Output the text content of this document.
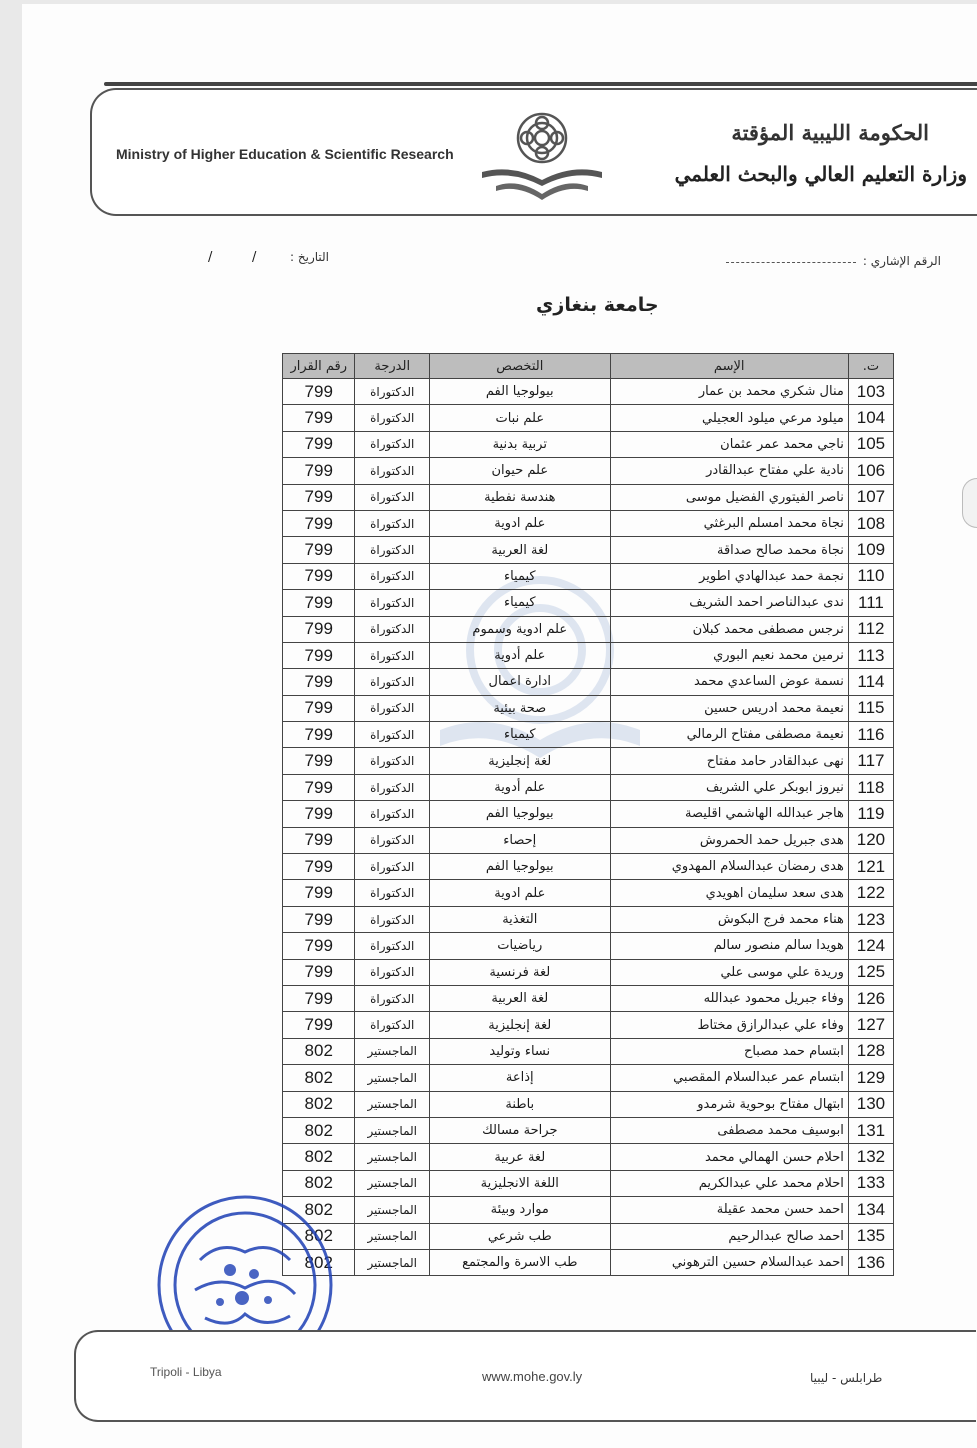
Ministry of Higher Education & Scientific Research
الحكومة الليبية المؤقتة
وزارة التعليم العالي والبحث العلمي
الرقم الإشاري :
التاريخ :
/	/
جامعة بنغازي
ت.	الإسم	التخصص	الدرجة	رقم القرار
103	منال شكري محمد بن عمار	بيولوجيا الفم	الدكتوراة	799
104	ميلود مرعي ميلود العجيلي	علم نبات	الدكتوراة	799
105	ناجي محمد عمر عثمان	تربية بدنية	الدكتوراة	799
106	نادية علي مفتاح عبدالقادر	علم حيوان	الدكتوراة	799
107	ناصر الفيتوري الفضيل موسى	هندسة نفطية	الدكتوراة	799
108	نجاة محمد امسلم البرغثي	علم ادوية	الدكتوراة	799
109	نجاة محمد صالح صداقة	لغة العربية	الدكتوراة	799
110	نجمة حمد عبدالهادي اطوير	كيمياء	الدكتوراة	799
111	ندى عبدالناصر احمد الشريف	كيمياء	الدكتوراة	799
112	نرجس مصطفى محمد كبلان	علم ادوية وسموم	الدكتوراة	799
113	نرمين محمد نعيم البوري	علم أدوية	الدكتوراة	799
114	نسمة عوض الساعدي محمد	ادارة اعمال	الدكتوراة	799
115	نعيمة محمد ادريس حسين	صحة بيئية	الدكتوراة	799
116	نعيمة مصطفى مفتاح الرمالي	كيمياء	الدكتوراة	799
117	نهى عبدالقادر حامد مفتاح	لغة إنجليزية	الدكتوراة	799
118	نيروز ابوبكر علي الشريف	علم أدوية	الدكتوراة	799
119	هاجر عبدالله الهاشمي اقليصة	بيولوجيا الفم	الدكتوراة	799
120	هدى جبريل حمد الحمروش	إحصاء	الدكتوراة	799
121	هدى رمضان عبدالسلام المهدوي	بيولوجيا الفم	الدكتوراة	799
122	هدى سعد سليمان اهويدي	علم ادوية	الدكتوراة	799
123	هناء محمد فرج البكوش	التغذية	الدكتوراة	799
124	هويدا سالم منصور سالم	رياضيات	الدكتوراة	799
125	وريدة علي موسى علي	لغة فرنسية	الدكتوراة	799
126	وفاء جبريل محمود عبدالله	لغة العربية	الدكتوراة	799
127	وفاء علي عبدالرازق مختاط	لغة إنجليزية	الدكتوراة	799
128	ابتسام حمد مصباح	نساء وتوليد	الماجستير	802
129	ابتسام عمر عبدالسلام المقصبي	إذاعة	الماجستير	802
130	ابتهال مفتاح بوحوية شرمدو	باطنة	الماجستير	802
131	ابوسيف محمد مصطفى	جراحة مسالك	الماجستير	802
132	احلام حسن الهمالي محمد	لغة عربية	الماجستير	802
133	احلام محمد علي عبدالكريم	اللغة الانجليزية	الماجستير	802
134	احمد حسن محمد عقيلة	موارد وبيئة	الماجستير	802
135	احمد صالح عبدالرحيم	طب شرعي	الماجستير	802
136	احمد عبدالسلام حسين الترهوني	طب الاسرة والمجتمع	الماجستير	802
Tripoli - Libya	www.mohe.gov.ly	طرابلس - ليبيا
